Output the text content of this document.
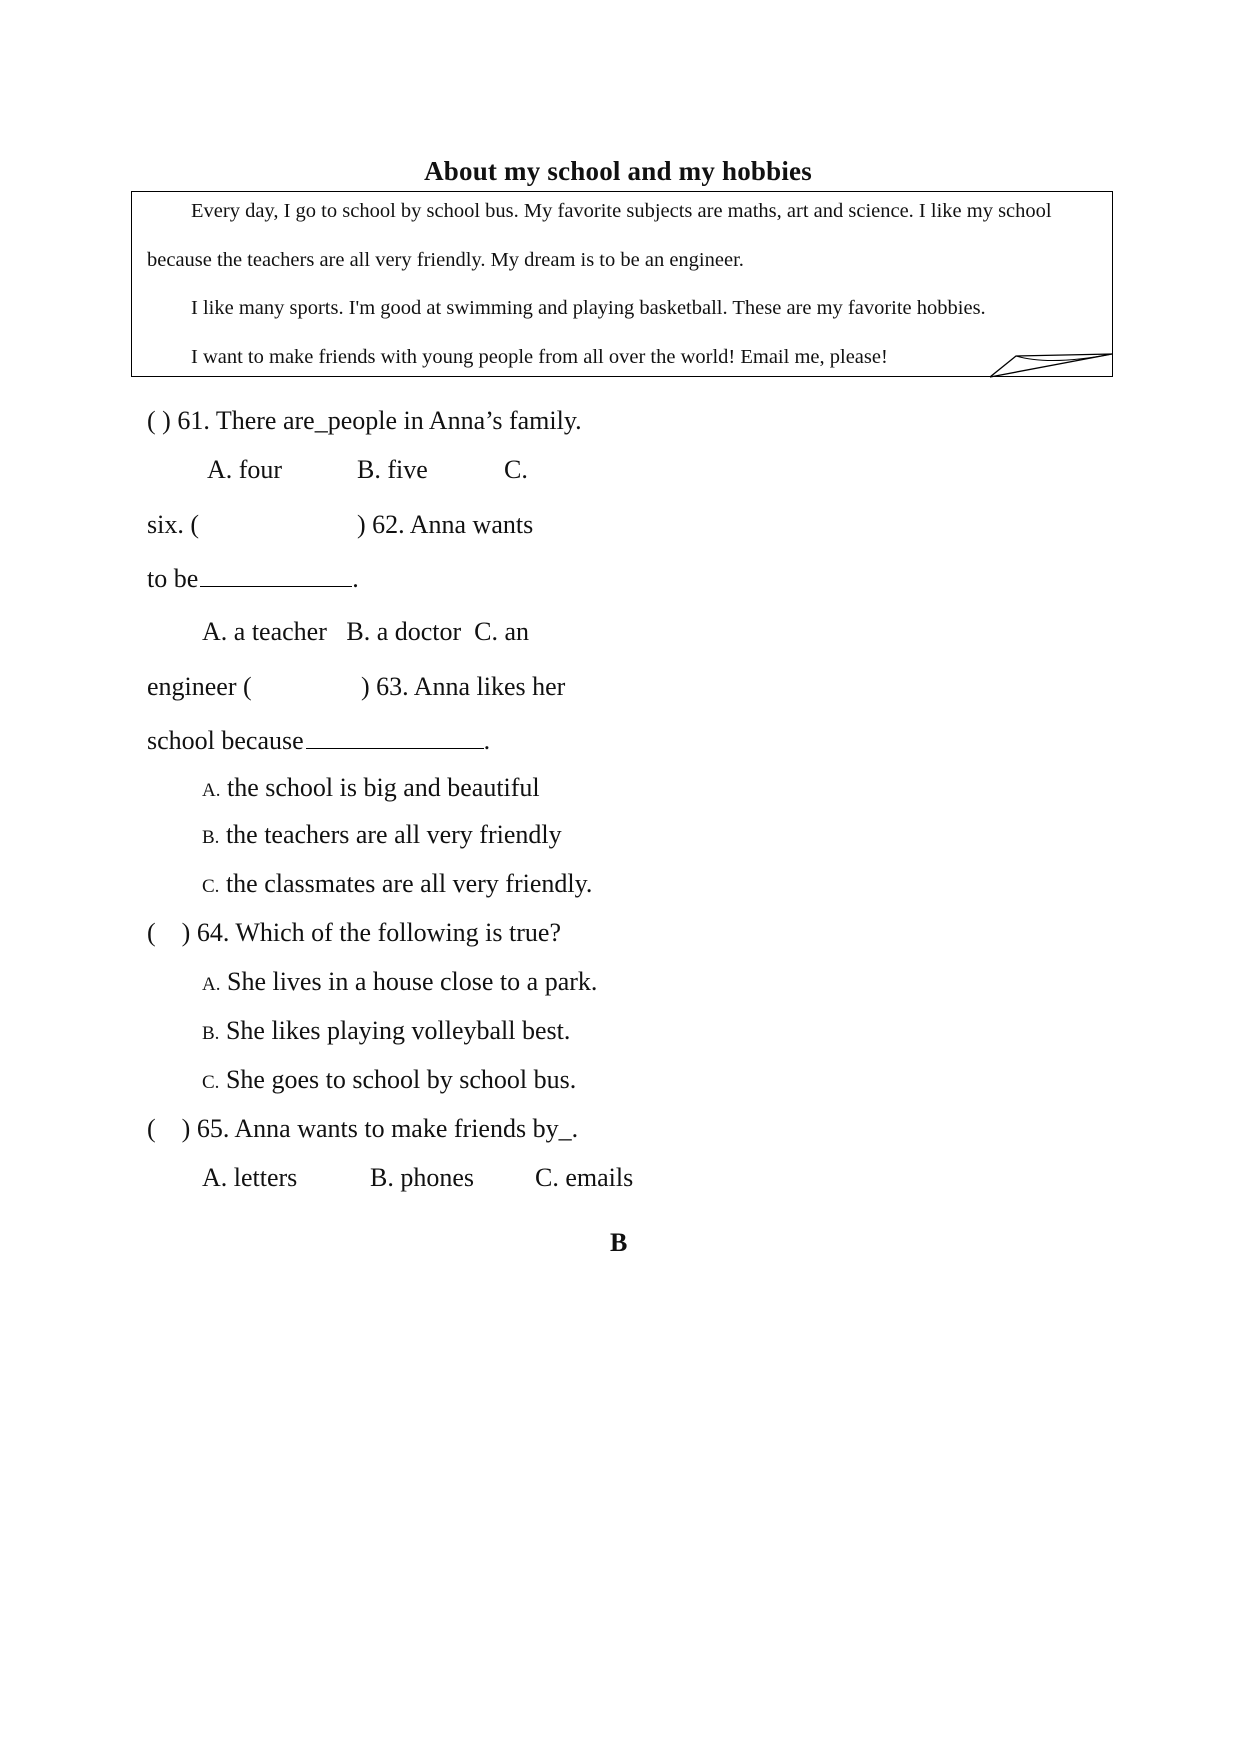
About my school and my hobbies
Every day, I go to school by school bus. My favorite subjects are maths, art and science. I like my school
because the teachers are all very friendly. My dream is to be an engineer.
I like many sports. I'm good at swimming and playing basketball. These are my favorite hobbies.
I want to make friends with young people from all over the world! Email me, please!
( ) 61. There are_people in Anna’s family.
A. four	B. five	C.
six. (	) 62. Anna wants
to be	.
A. a teacher   B. a doctor  C. an
engineer (	) 63. Anna likes her
school because	.
A. the school is big and beautiful
B. the teachers are all very friendly
C. the classmates are all very friendly.
(    ) 64. Which of the following is true?
A. She lives in a house close to a park.
B. She likes playing volleyball best.
C. She goes to school by school bus.
(    ) 65. Anna wants to make friends by_.
A. letters	B. phones C. emails
B
